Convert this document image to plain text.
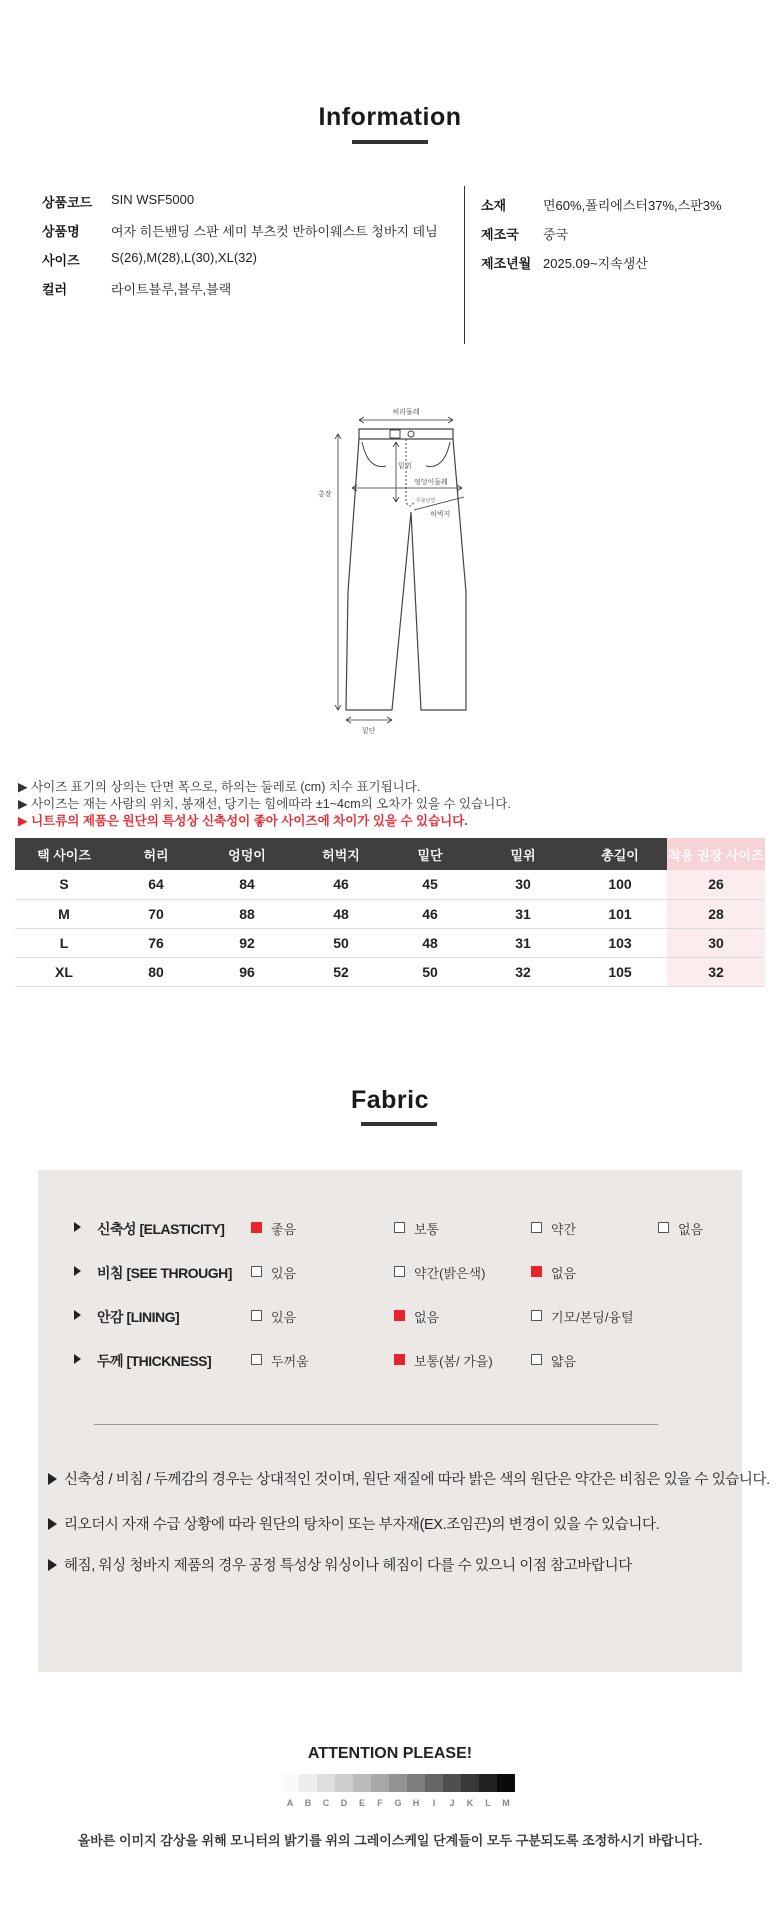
Information
상품코드 SIN WSF5000
상품명 여자 히든밴딩 스판 세미 부츠컷 반하이웨스트 청바지 데님
사이즈 S(26),M(28),L(30),XL(32)
컬러	라이트블루,블루,블랙
소재	면60%,폴리에스터37%,스판3%
제조국 중국
제조년월 2025.09~지속생산
허리둘레
밑위
엉덩이둘레
무릎단면
허벅지
총장
밑단
▶ 사이즈 표기의 상의는 단면 폭으로, 하의는 둘레로 (cm) 치수 표기됩니다.
▶ 사이즈는 재는 사람의 위치, 봉재선, 당기는 힘에따라 ±1~4cm의 오차가 있을 수 있습니다.
▶ 니트류의 제품은 원단의 특성상 신축성이 좋아 사이즈에 차이가 있을 수 있습니다.
택 사이즈	허리	엉덩이	허벅지	밑단	밑위	총길이	착용 권장 사이즈
S	64	84	46	45	30	100	26
M	70	88	48	46	31	101	28
L	76	92	50	48	31	103	30
XL	80	96	52	50	32	105	32
Fabric
신축성 [ELASTICITY]	좋음	보통	약간	없음
비침 [SEE THROUGH]	있음	약간(밝은색)	없음
안감 [LINING]	있음	없음	기모/본딩/융털
두께 [THICKNESS]	두꺼움	보통(봄/ 가을)	얇음
신축성 / 비침 / 두께감의 경우는 상대적인 것이며, 원단 재질에 따라 밝은 색의 원단은 약간은 비침은 있을 수 있습니다.
리오더시 자재 수급 상황에 따라 원단의 탕차이 또는 부자재(EX.조임끈)의 변경이 있을 수 있습니다.
헤짐, 워싱 청바지 제품의 경우 공정 특성상 워싱이나 헤짐이 다를 수 있으니 이점 참고바랍니다
ATTENTION PLEASE!
A	B	C	D	E	F	G	H	I	J	K	L	M
올바른 이미지 감상을 위해 모니터의 밝기를 위의 그레이스케일 단계들이 모두 구분되도록 조정하시기 바랍니다.
